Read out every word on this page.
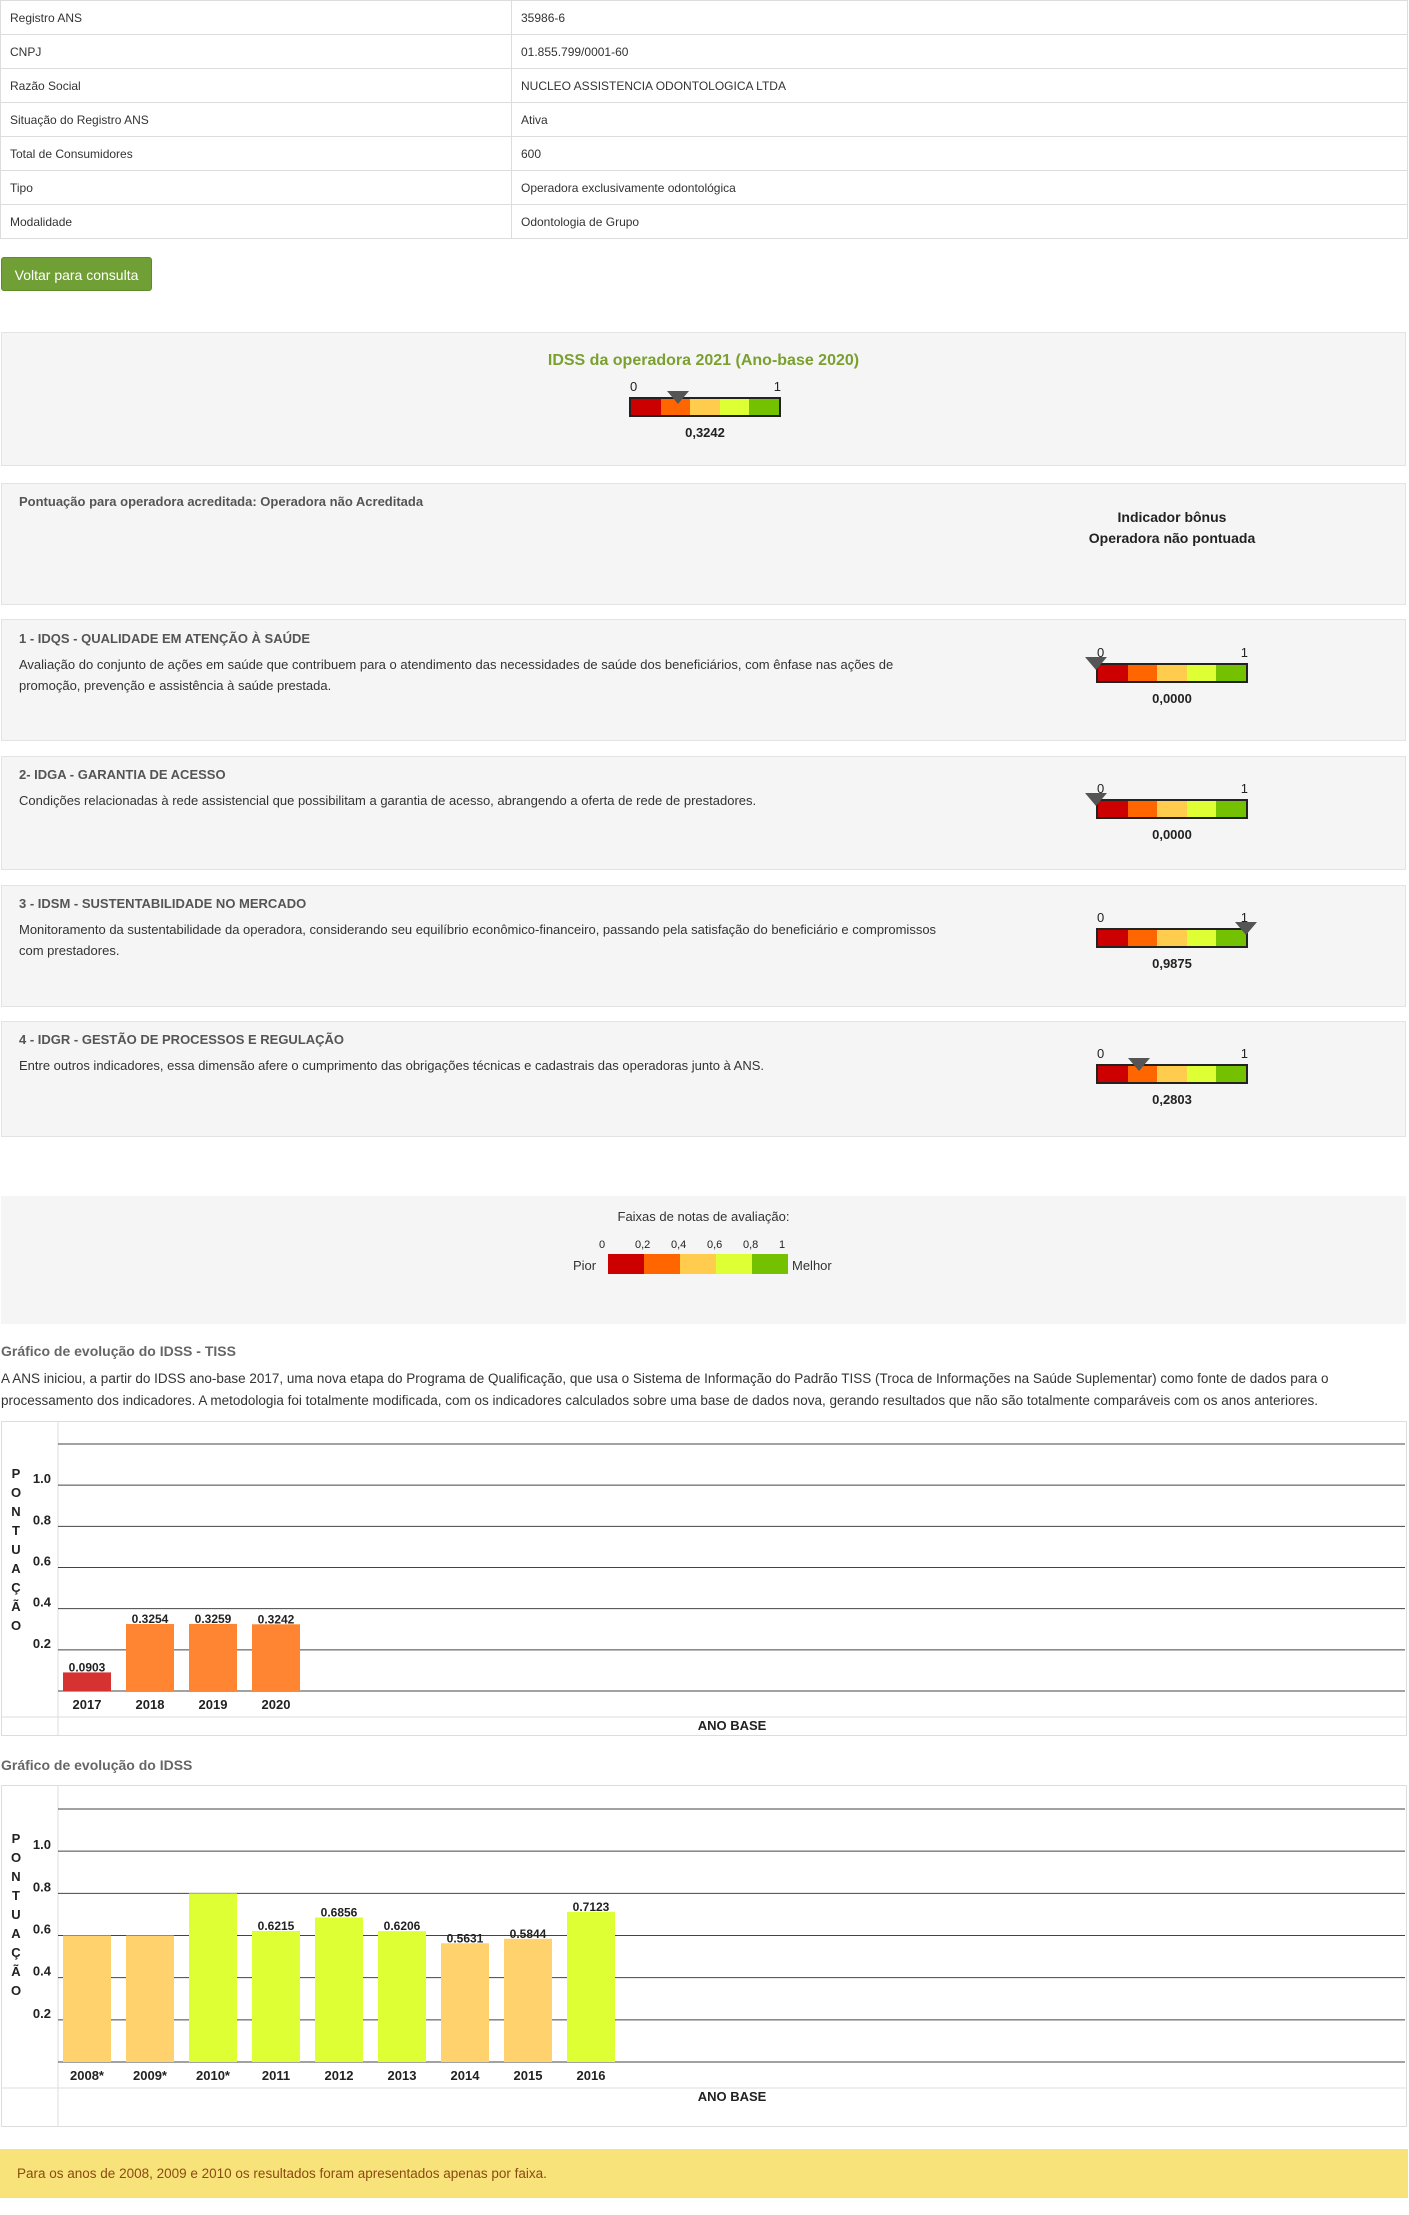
Registro ANS	35986-6
CNPJ	01.855.799/0001-60
Razão Social	NUCLEO ASSISTENCIA ODONTOLOGICA LTDA
Situação do Registro ANS	Ativa
Total de Consumidores	600
Tipo	Operadora exclusivamente odontológica
Modalidade	Odontologia de Grupo
Voltar para consulta
IDSS da operadora 2021 (Ano-base 2020)
0	1
0,3242
Pontuação para operadora acreditada: Operadora não Acreditada
Indicador bônus
Operadora não pontuada
1 - IDQS - QUALIDADE EM ATENÇÃO À SAÚDE
Avaliação do conjunto de ações em saúde que contribuem para o atendimento das necessidades de saúde dos beneficiários, com ênfase nas ações de promoção, prevenção e assistência à saúde prestada.
0	1
0,0000
2- IDGA - GARANTIA DE ACESSO
Condições relacionadas à rede assistencial que possibilitam a garantia de acesso, abrangendo a oferta de rede de prestadores.
0	1
0,0000
3 - IDSM - SUSTENTABILIDADE NO MERCADO
Monitoramento da sustentabilidade da operadora, considerando seu equilíbrio econômico-financeiro, passando pela satisfação do beneficiário e compromissos com prestadores.
0	1
0,9875
4 - IDGR - GESTÃO DE PROCESSOS E REGULAÇÃO
Entre outros indicadores, essa dimensão afere o cumprimento das obrigações técnicas e cadastrais das operadoras junto à ANS.
0	1
0,2803
Faixas de notas de avaliação:
0	0,2 0,4 0,6 0,8 1
Pior	Melhor
Gráfico de evolução do IDSS - TISS
A ANS iniciou, a partir do IDSS ano-base 2017, uma nova etapa do Programa de Qualificação, que usa o Sistema de Informação do Padrão TISS (Troca de Informações na Saúde Suplementar) como fonte de dados para o processamento dos indicadores. A metodologia foi totalmente modificada, com os indicadores calculados sobre uma base de dados nova, gerando resultados que não são totalmente comparáveis com os anos anteriores.
0.2
0.4
0.6
0.8
1.0
P
O
N
T
U
A
Ç
Ã
O
0.0903
2017
0.3254
2018
0.3259
2019
0.3242
2020
ANO BASE
Gráfico de evolução do IDSS
0.2
0.4
0.6
0.8
1.0
P
O
N
T
U
A
Ç
Ã
O
2008* 2009* 2010*
0.6215
2011
0.6856
2012
0.6206
2013
0.5631
2014
0.5844
2015
0.7123
2016
ANO BASE
Para os anos de 2008, 2009 e 2010 os resultados foram apresentados apenas por faixa.
